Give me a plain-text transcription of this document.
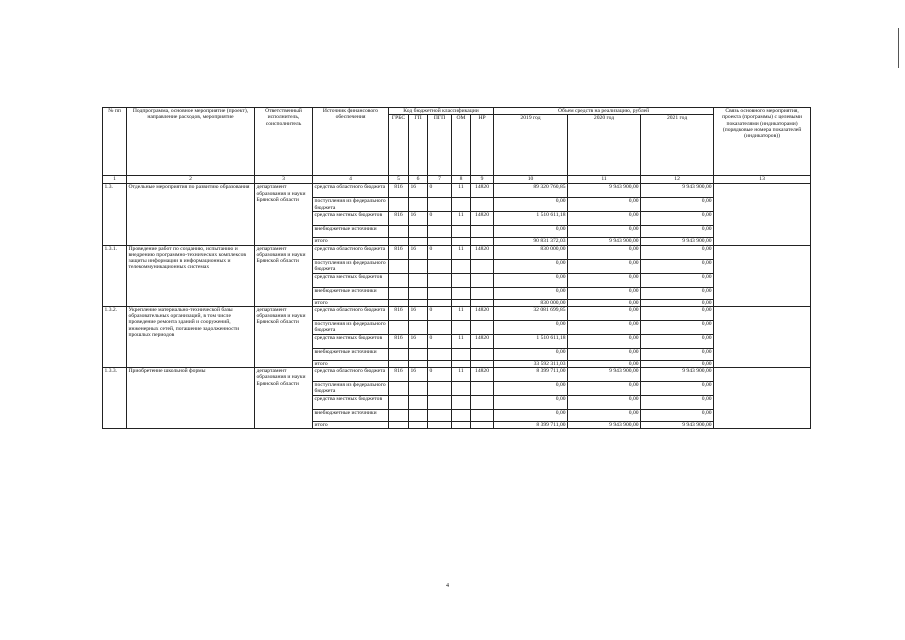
№ пп	Подпрограмма, основное мероприятие (проект), направление расходов, мероприятие	Ответственный исполнитель, соисполнитель	Источник финансового обеспечения	Код бюджетной классификации					Объем средств на реализацию, рублей			Связь основного мероприятия, проекта (программы) с целевыми показателями (индикаторами) (порядковые номера показателей (индикаторов))
				ГРБС	ГП	ПГП	ОМ	НР	2019 год	2020 год	2021 год	
1	2	3	4	5	6	7	8	9	10	11	12	13
1.3.	Отдельные мероприятия по развитию образования	департамент образования и науки Брянской области	средства областного бюджета	816	16	0	11	14820	89 320 760,85	9 943 900,00	9 943 900,00	
			поступления из федерального бюджета						0,00	0,00	0,00	
			средства местных бюджетов	816	16	0	11	14820	1 510 611,18	0,00	0,00	
			внебюджетные источники						0,00	0,00	0,00	
			итого						90 831 372,03	9 943 900,00	9 943 900,00	
1.3.1.	Проведение работ по созданию, испытанию и внедрению программно-технических комплексов защиты информации в информационных и телекоммуникационных системах	департамент образования и науки Брянской области	средства областного бюджета	816	16	0	11	14820	830 000,00	0,00	0,00	
			поступления из федерального бюджета						0,00	0,00	0,00	
			средства местных бюджетов						0,00	0,00	0,00	
			внебюджетные источники						0,00	0,00	0,00	
			итого						830 000,00	0,00	0,00	
1.3.2.	Укрепление материально-технической базы образовательных организаций, в том числе проведение ремонта зданий и сооружений, инженерных сетей, погашение задолженности прошлых периодов	департамент образования и науки Брянской области	средства областного бюджета	816	16	0	11	14820	32 081 699,85	0,00	0,00	
			поступления из федерального бюджета						0,00	0,00	0,00	
			средства местных бюджетов	816	16	0	11	14820	1 510 611,18	0,00	0,00	
			внебюджетные источники						0,00	0,00	0,00	
			итого						33 592 311,03	0,00	0,00	
1.3.3.	Приобретение школьной формы	департамент образования и науки Брянской области	средства областного бюджета	816	16	0	11	14820	8 399 711,00	9 943 900,00	9 943 900,00	
			поступления из федерального бюджета						0,00	0,00	0,00	
			средства местных бюджетов						0,00	0,00	0,00	
			внебюджетные источники						0,00	0,00	0,00	
			итого						8 399 711,00	9 943 900,00	9 943 900,00	
4
